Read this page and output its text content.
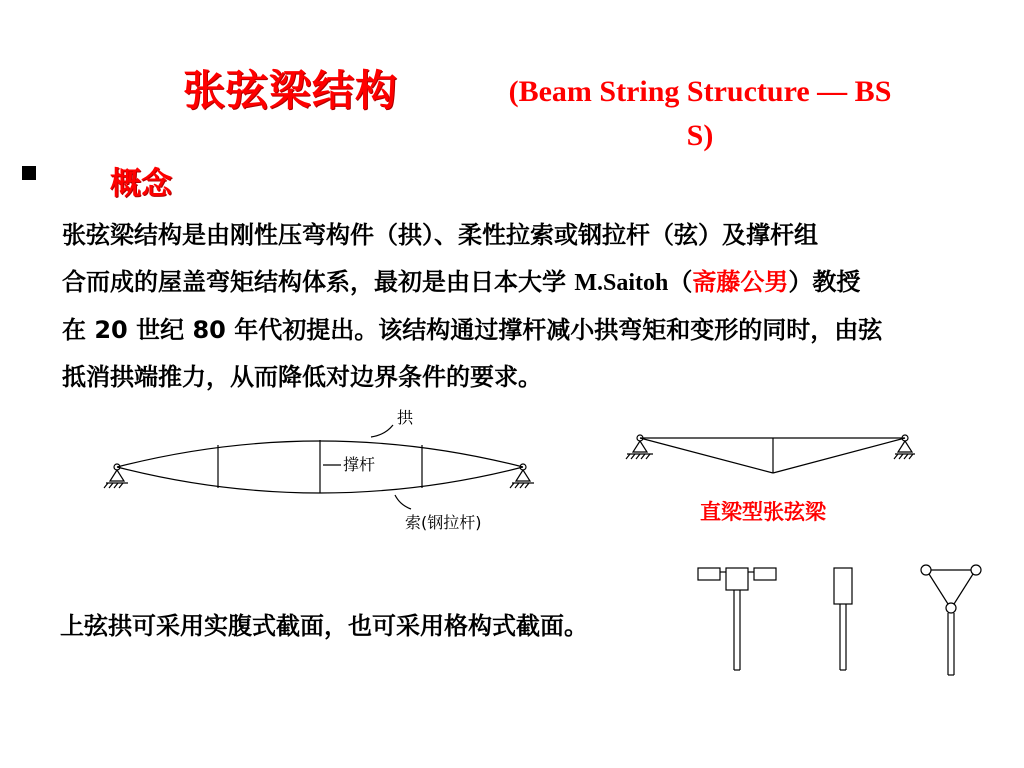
张弦梁结构	(Beam String Structure — BS
S)
概念
张弦梁结构是由刚性压弯构件（拱）、柔性拉索或钢拉杆（弦）及撑杆组
合而成的屋盖弯矩结构体系，最初是由日本大学 M.Saitoh（斋藤公男）教授
在 20 世纪 80 年代初提出。该结构通过撑杆减小拱弯矩和变形的同时，由弦
抵消拱端推力，从而降低对边界条件的要求。
拱
撑杆
索(钢拉杆)	直梁型张弦梁
上弦拱可采用实腹式截面，也可采用格构式截面。
